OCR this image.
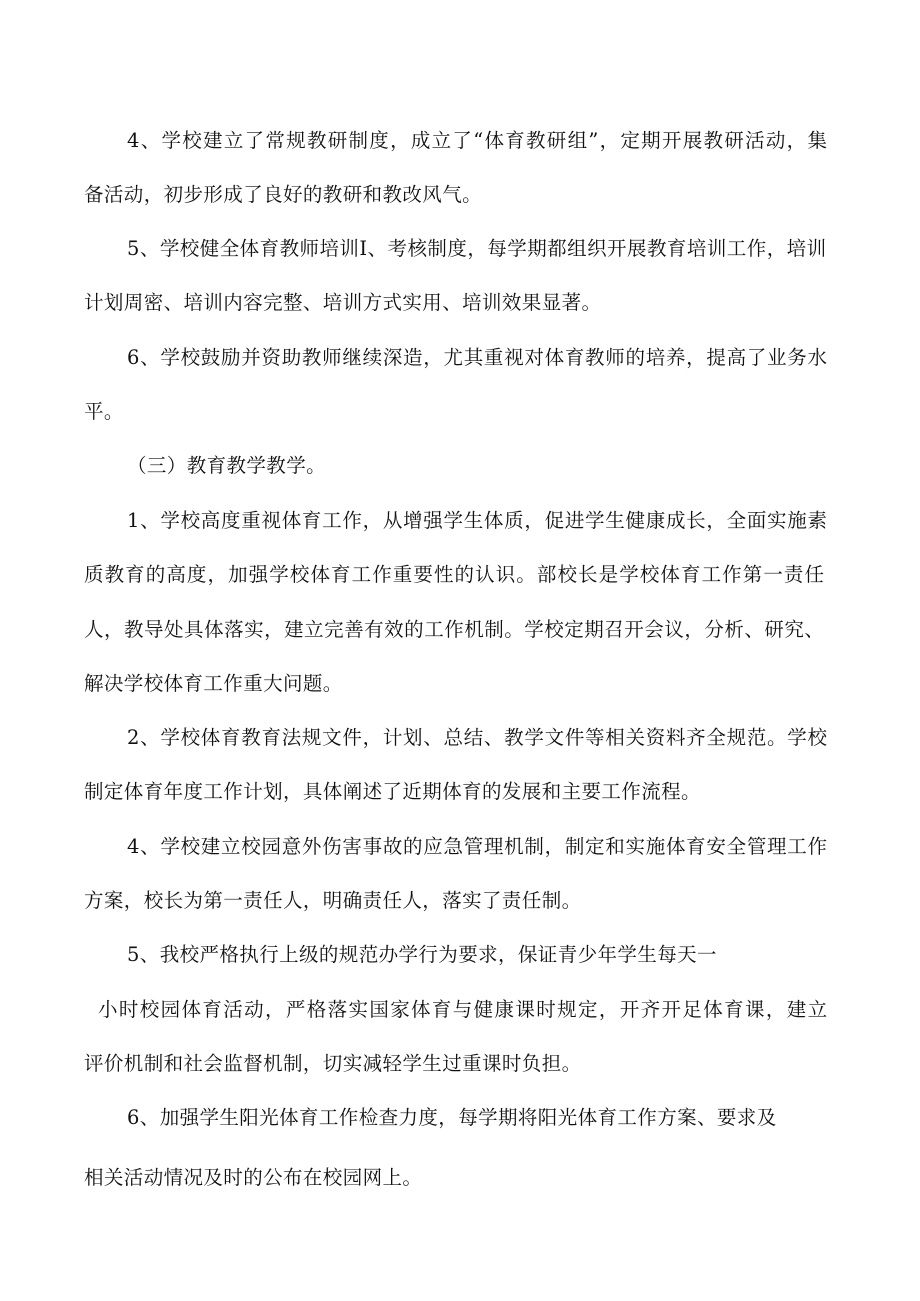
4、学校建立了常规教研制度，成立了“体育教研组”，定期开展教研活动，集
备活动，初步形成了良好的教研和教改风气。
5、学校健全体育教师培训I、考核制度，每学期都组织开展教育培训工作，培训
计划周密、培训内容完整、培训方式实用、培训效果显著。
6、学校鼓励并资助教师继续深造，尤其重视对体育教师的培养，提高了业务水
平。
（三）教育教学教学。
1、学校高度重视体育工作，从增强学生体质，促进学生健康成长，全面实施素
质教育的高度，加强学校体育工作重要性的认识。部校长是学校体育工作第一责任
人，教导处具体落实，建立完善有效的工作机制。学校定期召开会议，分析、研究、
解决学校体育工作重大问题。
2、学校体育教育法规文件，计划、总结、教学文件等相关资料齐全规范。学校
制定体育年度工作计划，具体阐述了近期体育的发展和主要工作流程。
4、学校建立校园意外伤害事故的应急管理机制，制定和实施体育安全管理工作
方案，校长为第一责任人，明确责任人，落实了责任制。
5、我校严格执行上级的规范办学行为要求，保证青少年学生每天一
小时校园体育活动，严格落实国家体育与健康课时规定，开齐开足体育课，建立
评价机制和社会监督机制，切实减轻学生过重课时负担。
6、加强学生阳光体育工作检查力度，每学期将阳光体育工作方案、要求及
相关活动情况及时的公布在校园网上。
